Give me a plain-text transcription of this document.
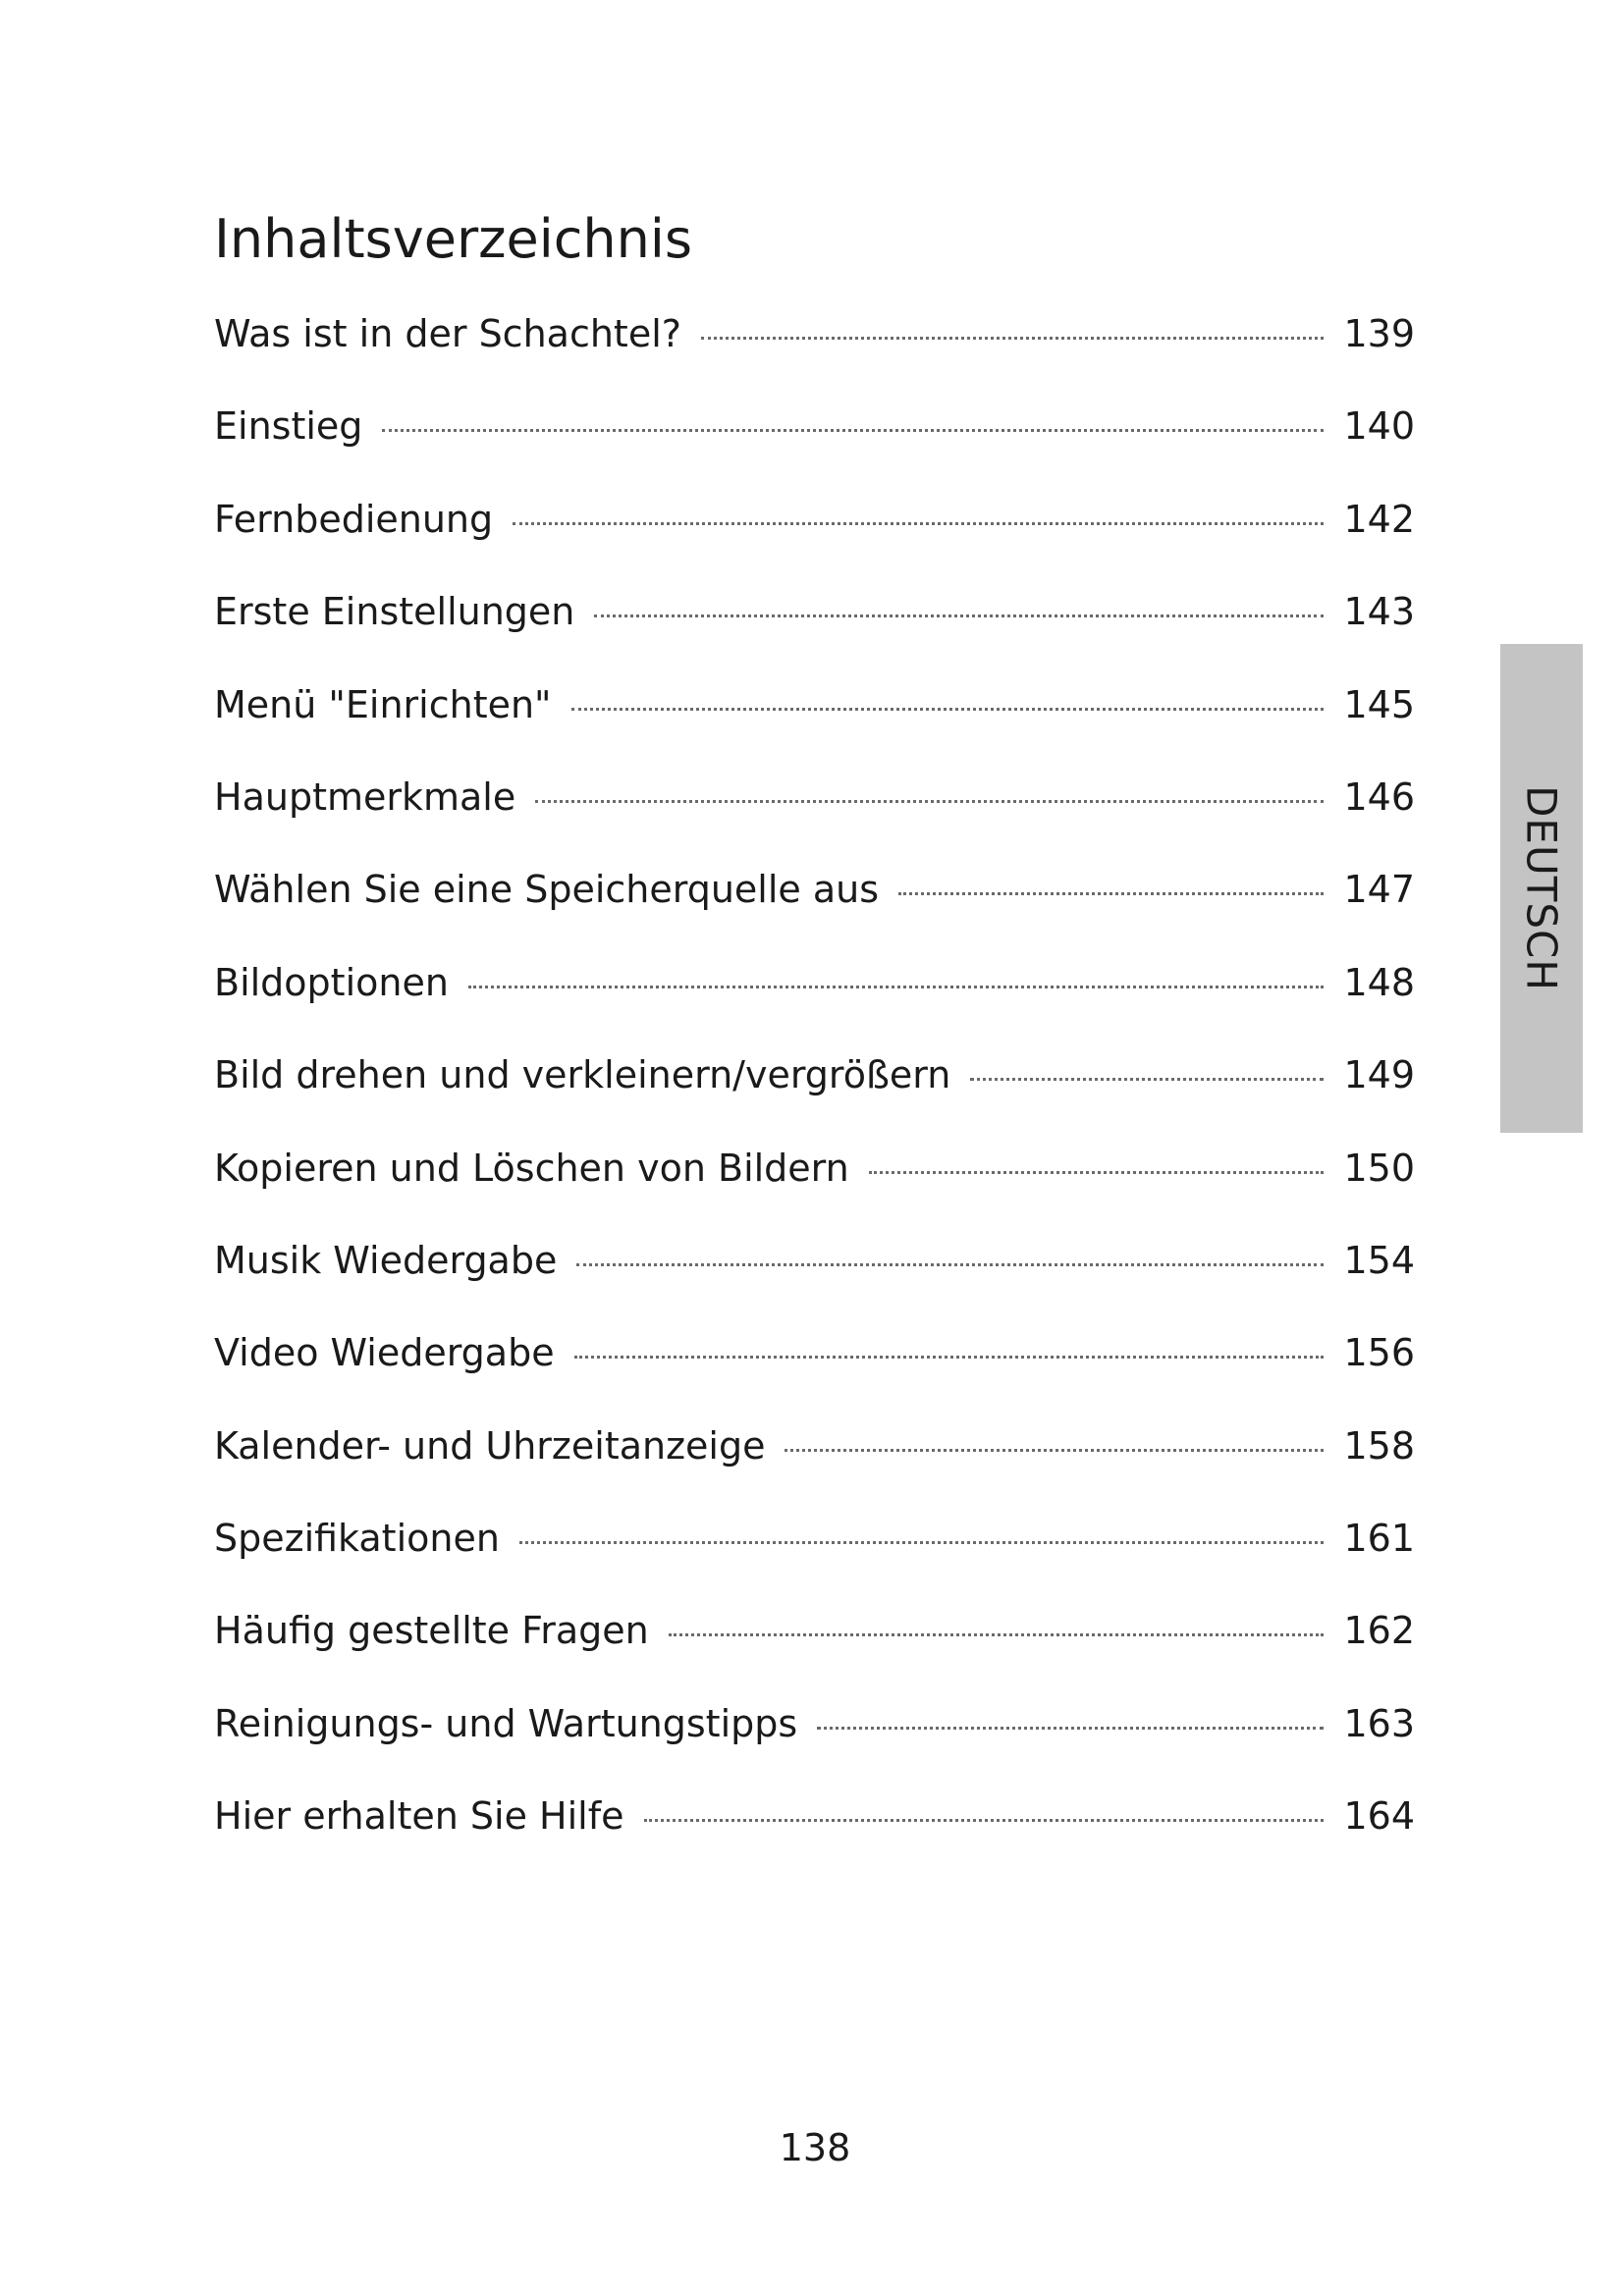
Inhaltsverzeichnis
Was ist in der Schachtel?	139
Einstieg	140
Fernbedienung	142
Erste Einstellungen	143
Menü "Einrichten"	145
Hauptmerkmale	146
Wählen Sie eine Speicherquelle aus	147
Bildoptionen	148
Bild drehen und verkleinern/vergrößern	149
Kopieren und Löschen von Bildern	150
Musik Wiedergabe	154
Video Wiedergabe	156
Kalender- und Uhrzeitanzeige	158
Spezifikationen	161
Häufig gestellte Fragen	162
Reinigungs- und Wartungstipps	163
Hier erhalten Sie Hilfe	164
DEUTSCH
138
